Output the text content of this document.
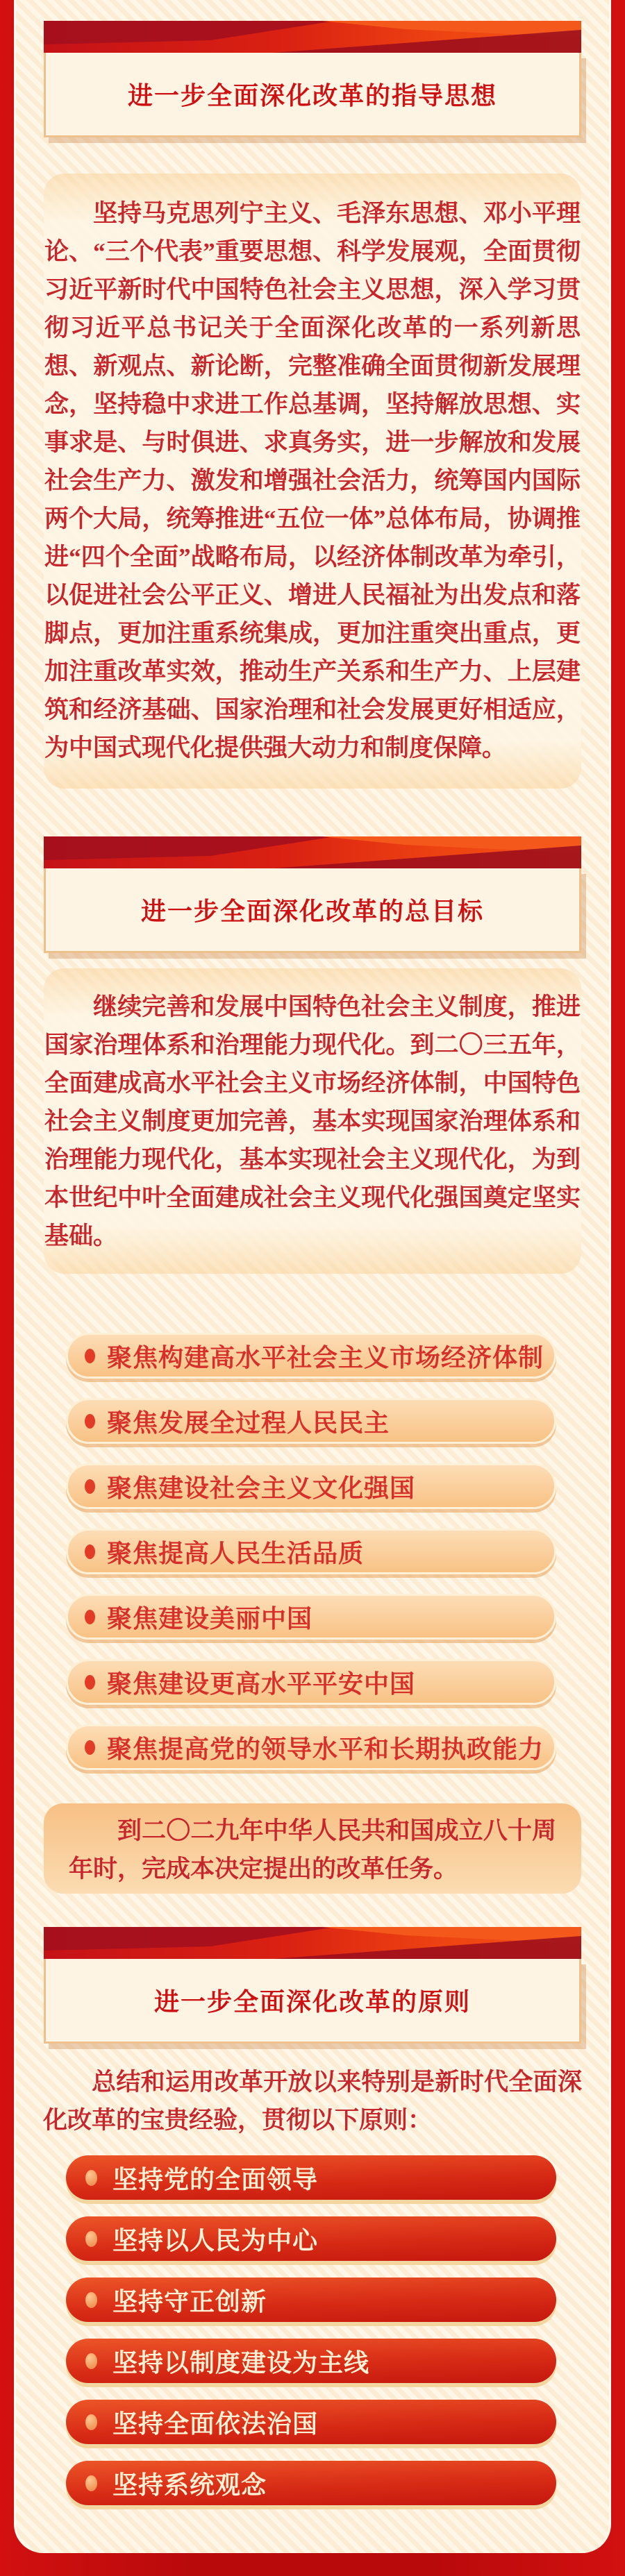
进一步全面深化改革的指导思想

坚持马克思列宁主义、毛泽东思想、邓小平理论、“三个代表”重要思想、科学发展观，全面贯彻习近平新时代中国特色社会主义思想，深入学习贯彻习近平总书记关于全面深化改革的一系列新思想、新观点、新论断，完整准确全面贯彻新发展理念，坚持稳中求进工作总基调，坚持解放思想、实事求是、与时俱进、求真务实，进一步解放和发展社会生产力、激发和增强社会活力，统筹国内国际两个大局，统筹推进“五位一体”总体布局，协调推进“四个全面”战略布局，以经济体制改革为牵引，以促进社会公平正义、增进人民福祉为出发点和落脚点，更加注重系统集成，更加注重突出重点，更加注重改革实效，推动生产关系和生产力、上层建筑和经济基础、国家治理和社会发展更好相适应，为中国式现代化提供强大动力和制度保障。

进一步全面深化改革的总目标

继续完善和发展中国特色社会主义制度，推进国家治理体系和治理能力现代化。到二〇三五年，全面建成高水平社会主义市场经济体制，中国特色社会主义制度更加完善，基本实现国家治理体系和治理能力现代化，基本实现社会主义现代化，为到本世纪中叶全面建成社会主义现代化强国奠定坚实基础。

聚焦构建高水平社会主义市场经济体制
聚焦发展全过程人民民主
聚焦建设社会主义文化强国
聚焦提高人民生活品质
聚焦建设美丽中国
聚焦建设更高水平平安中国
聚焦提高党的领导水平和长期执政能力

到二〇二九年中华人民共和国成立八十周年时，完成本决定提出的改革任务。

进一步全面深化改革的原则

总结和运用改革开放以来特别是新时代全面深化改革的宝贵经验，贯彻以下原则：

坚持党的全面领导
坚持以人民为中心
坚持守正创新
坚持以制度建设为主线
坚持全面依法治国
坚持系统观念
